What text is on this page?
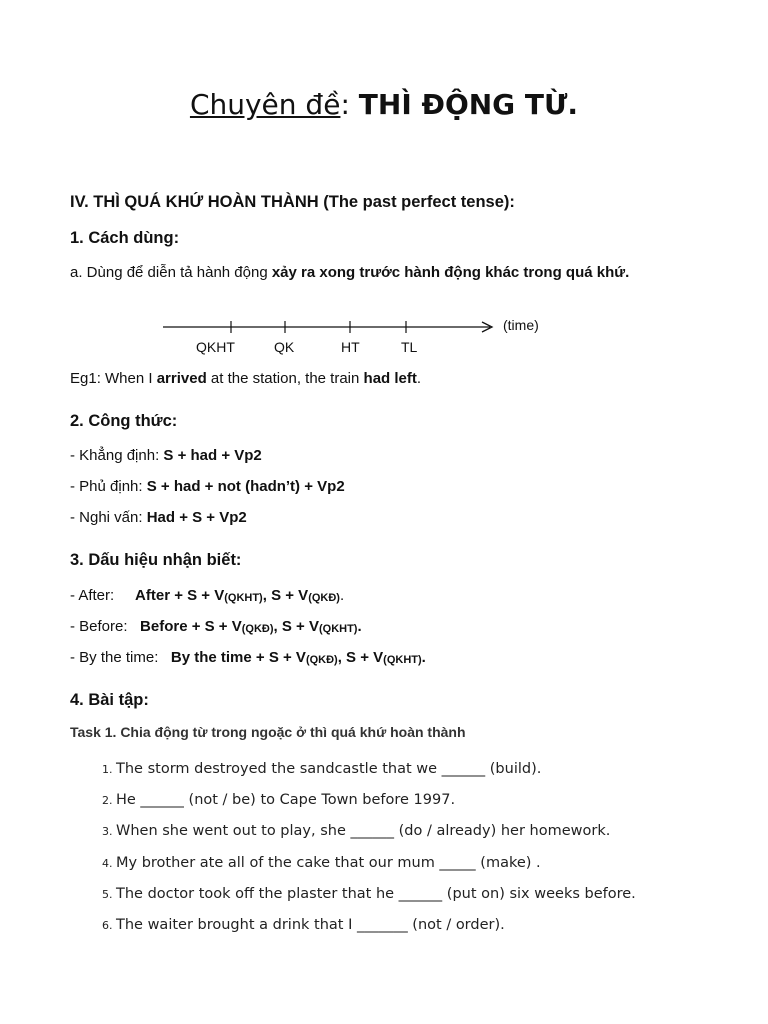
Chuyên đề: THÌ ĐỘNG TỪ.
IV. THÌ QUÁ KHỨ HOÀN THÀNH (The past perfect tense):
1. Cách dùng:
a. Dùng để diễn tả hành động xảy ra xong trước hành động khác trong quá khứ.
(time)
QKHT	QK	HT	TL
Eg1: When I arrived at the station, the train had left.
2. Công thức:
- Khẳng định: S + had + Vp2
- Phủ định: S + had + not (hadn’t) + Vp2
- Nghi vấn: Had + S + Vp2
3. Dấu hiệu nhận biết:
- After:     After + $S + V_{(QKHT)}$, $S + V_{(QKĐ)}$.
- Before:   Before + $S + V_{(QKĐ)}$, $S + V_{(QKHT)}$.
- By the time:   By the time + $S + V_{(QKĐ)}$, $S + V_{(QKHT)}$.
4. Bài tập:
Task 1. Chia động từ trong ngoặc ở thì quá khứ hoàn thành
1. The storm destroyed the sandcastle that we ______ (build).
2. He ______ (not / be) to Cape Town before 1997.
3. When she went out to play, she ______ (do / already) her homework.
4. My brother ate all of the cake that our mum _____ (make) .
5. The doctor took off the plaster that he ______ (put on) six weeks before.
6. The waiter brought a drink that I _______ (not / order).
